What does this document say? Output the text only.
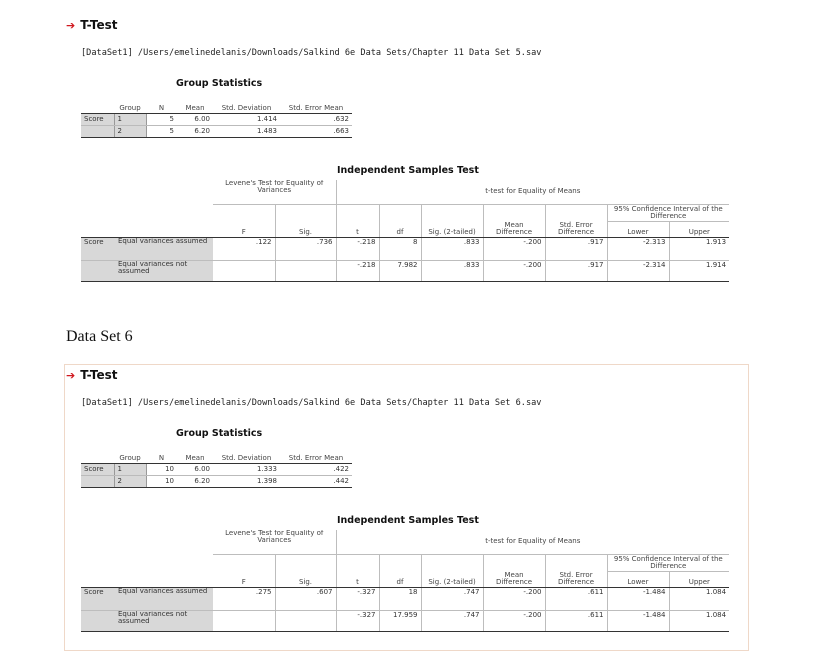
➔ T-Test
[DataSet1] /Users/emelinedelanis/Downloads/Salkind 6e Data Sets/Chapter 11 Data Set 5.sav
Group Statistics
	Group	N	Mean	Std. Deviation	Std. Error Mean
Score	1	5	6.00	1.414	.632
	2	5	6.20	1.483	.663
Independent Samples Test
		Levene's Test for Equality of Variances		t-test for Equality of Means						
									95% Confidence Interval of the Difference	
		F	Sig.	t	df	Sig. (2-tailed)	Mean Difference	Std. Error Difference	Lower	Upper
Score	Equal variances assumed	.122	.736	-.218	8	.833	-.200	.917	-2.313	1.913
	Equal variances not assumed			-.218	7.982	.833	-.200	.917	-2.314	1.914
Data Set 6
➔ T-Test
[DataSet1] /Users/emelinedelanis/Downloads/Salkind 6e Data Sets/Chapter 11 Data Set 6.sav
Group Statistics
	Group	N	Mean	Std. Deviation	Std. Error Mean
Score	1	10	6.00	1.333	.422
	2	10	6.20	1.398	.442
Independent Samples Test
		Levene's Test for Equality of Variances		t-test for Equality of Means						
									95% Confidence Interval of the Difference	
		F	Sig.	t	df	Sig. (2-tailed)	Mean Difference	Std. Error Difference	Lower	Upper
Score	Equal variances assumed	.275	.607	-.327	18	.747	-.200	.611	-1.484	1.084
	Equal variances not assumed			-.327	17.959	.747	-.200	.611	-1.484	1.084
